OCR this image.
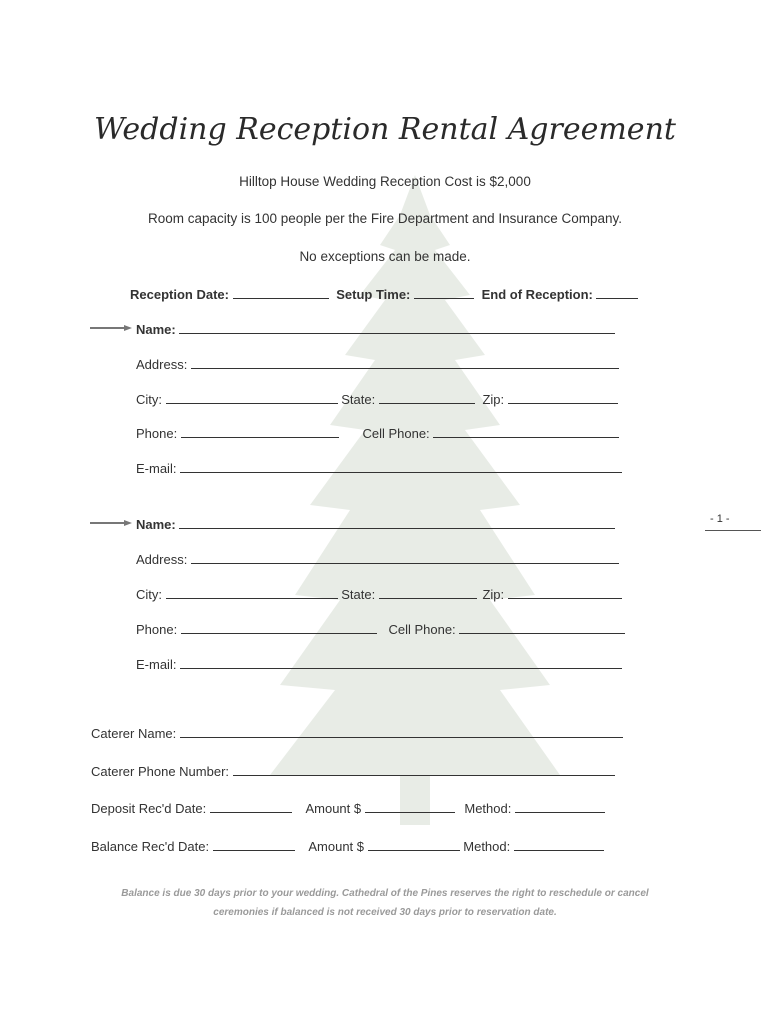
Wedding Reception Rental Agreement
Hilltop House Wedding Reception Cost is $2,000
Room capacity is 100 people per the Fire Department and Insurance Company.
No exceptions can be made.
Reception Date:	Setup Time:	End of Reception:
Name:
Address:
City:	State:	Zip:
Phone:	Cell Phone:
E-mail:
- 1 -
Name:
Address:
City:	State:	Zip:
Phone:	Cell Phone:
E-mail:
Caterer Name:
Caterer Phone Number:
Deposit Rec'd Date:	Amount $	Method:
Balance Rec'd Date:	Amount $	Method:
Balance is due 30 days prior to your wedding. Cathedral of the Pines reserves the right to reschedule or cancel
ceremonies if balanced is not received 30 days prior to reservation date.
